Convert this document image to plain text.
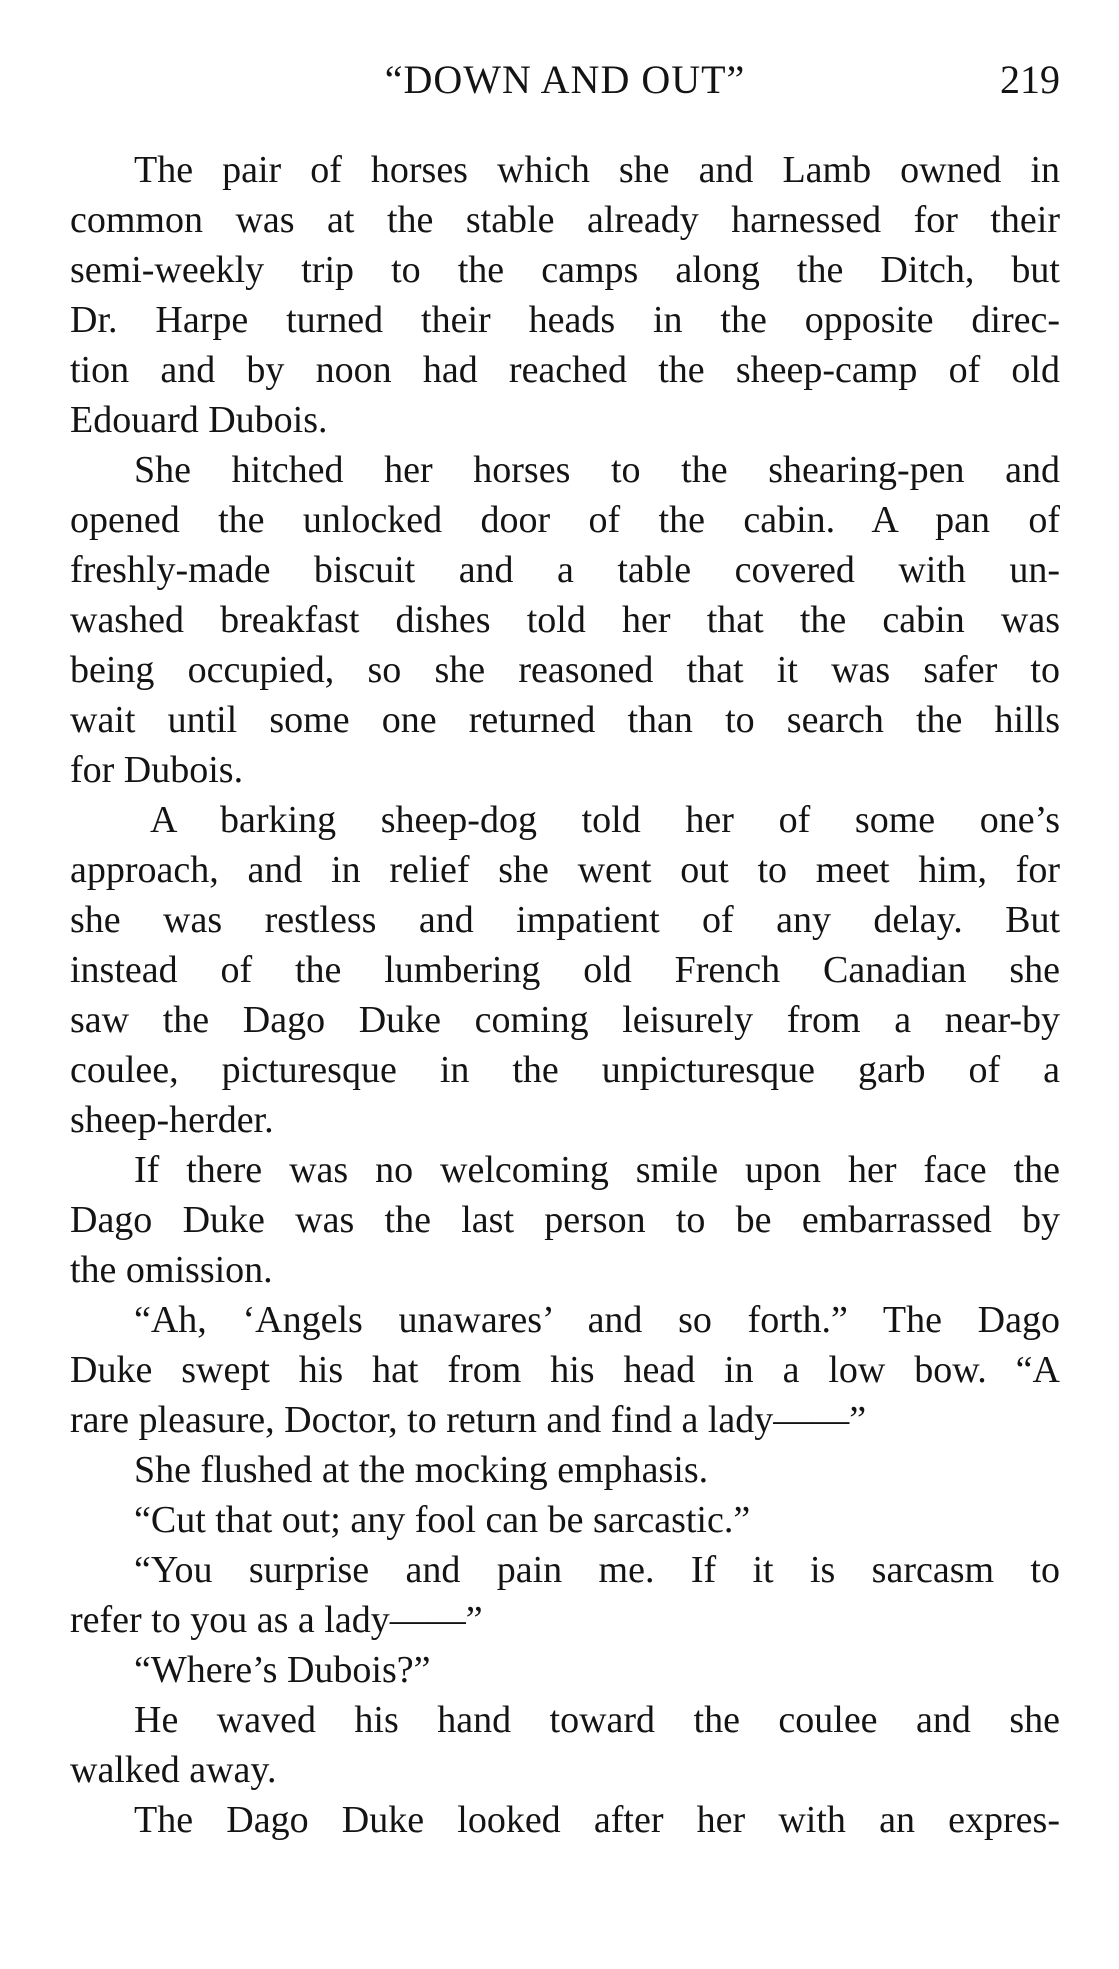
“DOWN AND OUT”	219
The pair of horses which she and Lamb owned in
common was at the stable already harnessed for their
semi-weekly trip to the camps along the Ditch, but
Dr. Harpe turned their heads in the opposite direc-
tion and by noon had reached the sheep-camp of old
Edouard Dubois.
She hitched her horses to the shearing-pen and
opened the unlocked door of the cabin. A pan of
freshly-made biscuit and a table covered with un-
washed breakfast dishes told her that the cabin was
being occupied, so she reasoned that it was safer to
wait until some one returned than to search the hills
for Dubois.
A barking sheep-dog told her of some one’s
approach, and in relief she went out to meet him, for
she was restless and impatient of any delay. But
instead of the lumbering old French Canadian she
saw the Dago Duke coming leisurely from a near-by
coulee, picturesque in the unpicturesque garb of a
sheep-herder.
If there was no welcoming smile upon her face the
Dago Duke was the last person to be embarrassed by
the omission.
“Ah, ‘Angels unawares’ and so forth.” The Dago
Duke swept his hat from his head in a low bow. “A
rare pleasure, Doctor, to return and find a lady——”
She flushed at the mocking emphasis.
“Cut that out; any fool can be sarcastic.”
“You surprise and pain me. If it is sarcasm to
refer to you as a lady——”
“Where’s Dubois?”
He waved his hand toward the coulee and she
walked away.
The Dago Duke looked after her with an expres-
